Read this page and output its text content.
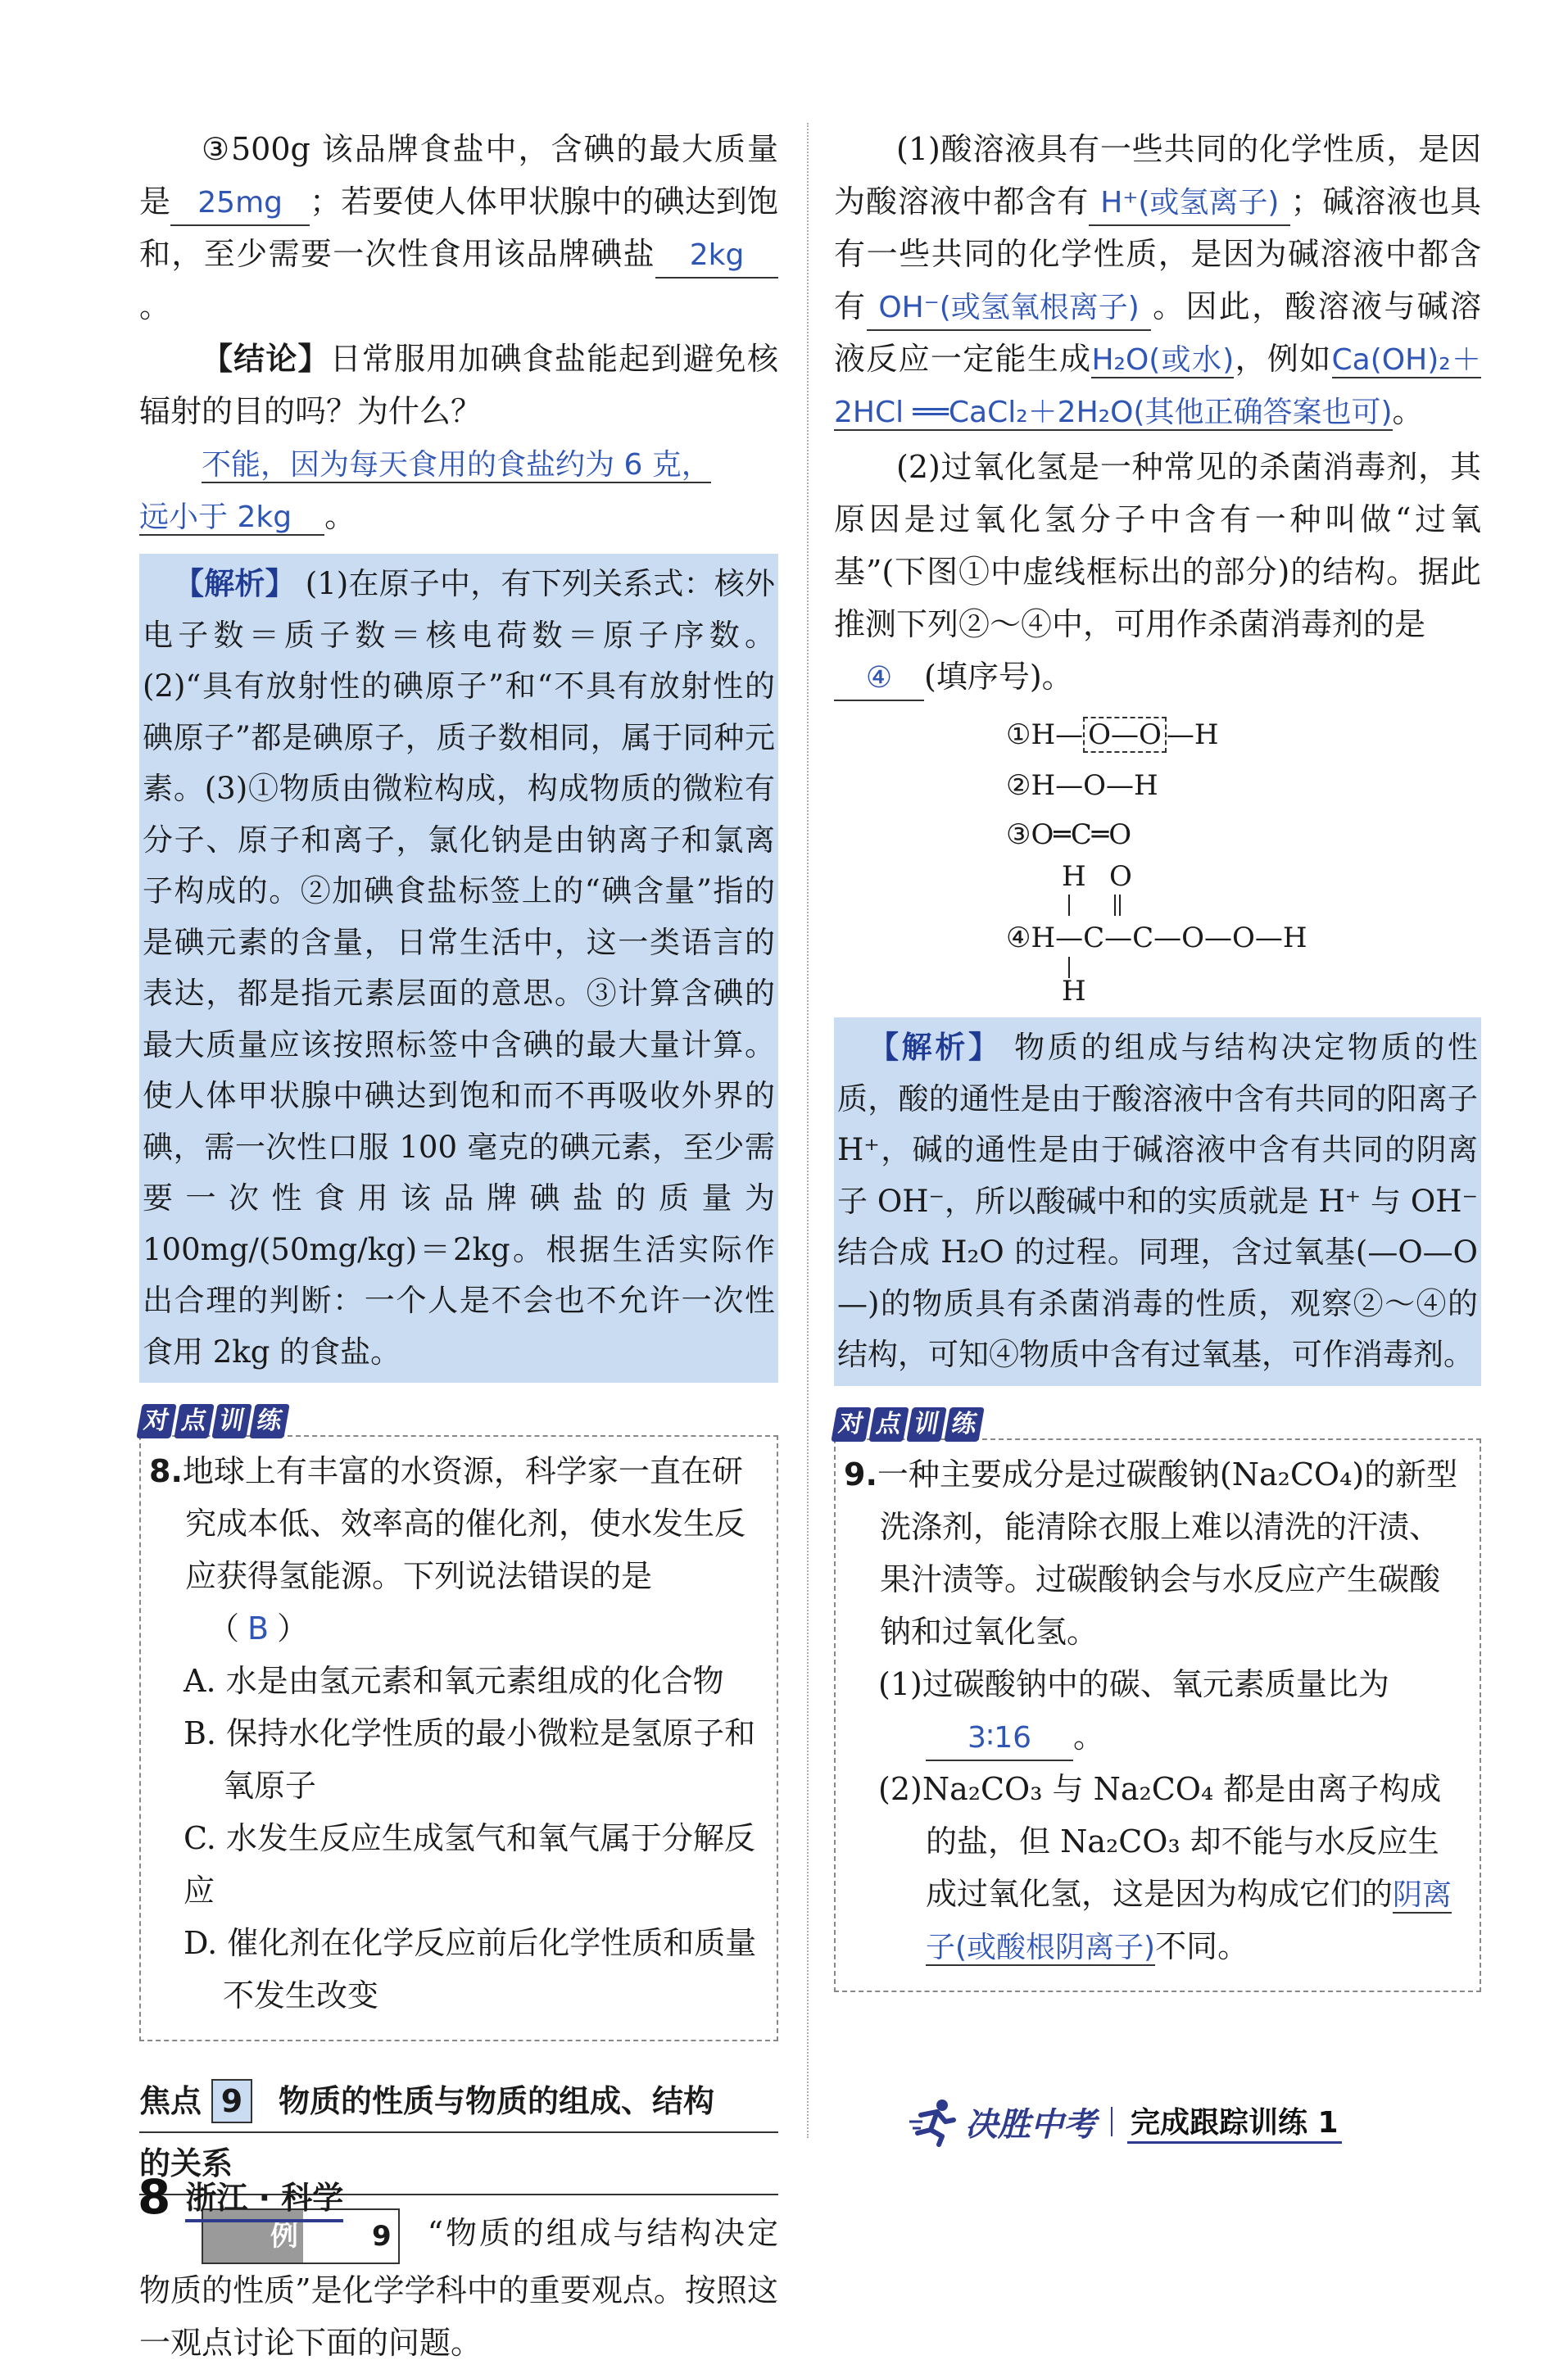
③500g 该品牌食盐中，含碘的最大质量是 25mg ；若要使人体甲状腺中的碘达到饱和，至少需要一次性食用该品牌碘盐 2kg。

【结论】日常服用加碘食盐能起到避免核辐射的目的吗？为什么？

不能，因为每天食用的食盐约为 6 克，
远小于 2kg 。

【解析】 (1)在原子中，有下列关系式：核外电子数＝质子数＝核电荷数＝原子序数。(2)“具有放射性的碘原子”和“不具有放射性的碘原子”都是碘原子，质子数相同，属于同种元素。(3)①物质由微粒构成，构成物质的微粒有分子、原子和离子，氯化钠是由钠离子和氯离子构成的。②加碘食盐标签上的“碘含量”指的是碘元素的含量，日常生活中，这一类语言的表达，都是指元素层面的意思。③计算含碘的最大质量应该按照标签中含碘的最大量计算。使人体甲状腺中碘达到饱和而不再吸收外界的碘，需一次性口服 100 毫克的碘元素，至少需要一次性食用该品牌碘盐的质量为 100mg/(50mg/kg)＝2kg。根据生活实际作出合理的判断：一个人是不会也不允许一次性食用 2kg 的食盐。
对 点 训 练

8.地球上有丰富的水资源，科学家一直在研究成本低、效率高的催化剂，使水发生反应获得氢能源。下列说法错误的是（ B ）

A. 水是由氢元素和氧元素组成的化合物

B. 保持水化学性质的最小微粒是氢原子和

氧原子

C. 水发生反应生成氢气和氧气属于分解反应

D. 催化剂在化学反应前后化学性质和质量

不发生改变

焦点 9 物质的性质与物质的组成、结构
的关系

例	9 “物质的组成与结构决定物质的性质”是化学学科中的重要观点。按照这一观点讨论下面的问题。

(1)酸溶液具有一些共同的化学性质，是因为酸溶液中都含有 H⁺(或氢离子) ；碱溶液也具有一些共同的化学性质，是因为碱溶液中都含有 OH⁻(或氢氧根离子) 。因此，酸溶液与碱溶液反应一定能生成H₂O(或水)，例如Ca(OH)₂＋2HCl ══CaCl₂＋2H₂O(其他正确答案也可)。

(2)过氧化氢是一种常见的杀菌消毒剂，其原因是过氧化氢分子中含有一种叫做“过氧基”(下图①中虚线框标出的部分)的结构。据此推测下列②～④中，可用作杀菌消毒剂的是
④ (填序号)。

①H— O—O —H
②H—O—H
③O═C═O
H O
④H—C—C—O—O—H
H
【解析】 物质的组成与结构决定物质的性质，酸的通性是由于酸溶液中含有共同的阳离子 H⁺，碱的通性是由于碱溶液中含有共同的阴离子 OH⁻，所以酸碱中和的实质就是 H⁺ 与 OH⁻ 结合成 H₂O 的过程。同理，含过氧基(—O—O—)的物质具有杀菌消毒的性质，观察②～④的结构，可知④物质中含有过氧基，可作消毒剂。
对 点 训 练

9.一种主要成分是过碳酸钠(Na₂CO₄)的新型洗涤剂，能清除衣服上难以清洗的汗渍、果汁渍等。过碳酸钠会与水反应产生碳酸钠和过氧化氢。

(1)过碳酸钠中的碳、氧元素质量比为
3∶16 。

(2)Na₂CO₃ 与 Na₂CO₄ 都是由离子构成的盐，但 Na₂CO₃ 却不能与水反应生成过氧化氢，这是因为构成它们的阴离子(或酸根阴离子)不同。

决胜中考 完成跟踪训练 1
8 浙江 · 科学
